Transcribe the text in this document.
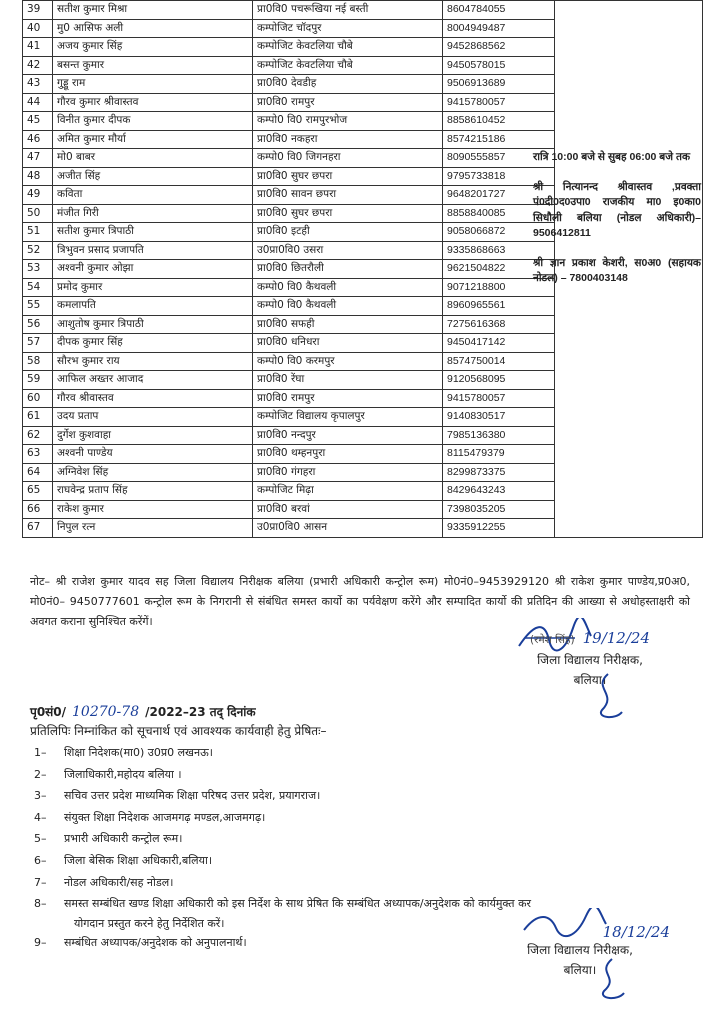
39	सतीश कुमार मिश्रा	प्रा0वि0 पचरूखिया नई बस्ती	8604784055	
40	मु0 आसिफ अली	कम्पोजिट चॉदपुर	8004949487	
41	अजय कुमार सिंह	कम्पोजिट केवटलिया चौबे	9452868562	
42	बसन्त कुमार	कम्पोजिट केवटलिया चौबे	9450578015	
43	गुड्डू राम	प्रा0वि0 देवडीह	9506913689	
44	गौरव कुमार श्रीवास्तव	प्रा0वि0 रामपुर	9415780057	
45	विनीत कुमार दीपक	कम्पो0 वि0 रामपुरभोज	8858610452	
46	अमित कुमार मौर्या	प्रा0वि0 नकहरा	8574215186	
47	मो0 बाबर	कम्पो0 वि0 जिगनहरा	8090555857	
48	अजीत सिंह	प्रा0वि0 सुघर छपरा	9795733818	
49	कविता	प्रा0वि0 सावन छपरा	9648201727	
50	मंजीत गिरी	प्रा0वि0 सुघर छपरा	8858840085	
51	सतीश कुमार त्रिपाठी	प्रा0वि0 इटही	9058066872	
52	त्रिभुवन प्रसाद प्रजापति	उ0प्रा0वि0 उसरा	9335868663	
53	अश्वनी कुमार ओझा	प्रा0वि0 छितरौली	9621504822	
54	प्रमोद कुमार	कम्पो0 वि0 कैथवली	9071218800	
55	कमलापति	कम्पो0 वि0 कैथवली	8960965561	
56	आशुतोष कुमार त्रिपाठी	प्रा0वि0 सफही	7275616368	
57	दीपक कुमार सिंह	प्रा0वि0 धनिधरा	9450417142	
58	सौरभ कुमार राय	कम्पो0 वि0 करमपुर	8574750014	
59	आफिल अख्तर आजाद	प्रा0वि0 रेंघा	9120568095	
60	गौरव श्रीवास्तव	प्रा0वि0 रामपुर	9415780057	
61	उदय प्रताप	कम्पोजिट विद्यालय कृपालपुर	9140830517	
62	दुर्गेश कुशवाहा	प्रा0वि0 नन्दपुर	7985136380	
63	अश्वनी पाण्डेय	प्रा0वि0 थम्हनपुरा	8115479379	
64	अग्निवेश सिंह	प्रा0वि0 गंगहरा	8299873375	
65	राघवेन्द्र प्रताप सिंह	कम्पोजिट मिढ़ा	8429643243	
66	राकेश कुमार	प्रा0वि0 बरवां	7398035205	
67	निपुल रत्न	उ0प्रा0वि0 आसन	9335912255	

रात्रि 10:00 बजे से सुबह 06:00 बजे तक

श्री नित्यानन्द श्रीवास्तव ,प्रवक्ता पं0दी0द0उपा0 राजकीय मा0 इ0का0 सिधौली बलिया (नोडल अधिकारी)– 9506412811

श्री ज्ञान प्रकाश केशरी, स0अ0 (सहायक नोडल) – 7800403148

नोट– श्री राजेश कुमार यादव सह जिला विद्यालय निरीक्षक बलिया (प्रभारी अधिकारी कन्ट्रोल रूम) मो0नं0–9453929120 श्री राकेश कुमार पाण्डेय,प्र0अ0, मो0नं0– 9450777601 कन्ट्रोल रूम के निगरानी से संबंधित समस्त कार्यो का पर्यवेक्षण करेंगे और सम्पादित कार्यो की प्रतिदिन की आख्या से अधोहस्ताक्षरी को अवगत कराना सुनिश्चित करेंगें।

(रमेश सिंह) 19/12/24
जिला विद्यालय निरीक्षक,
बलिया।
पृ0सं0/ 10270-78 /2022–23 तद् दिनांक
प्रतिलिपिः निम्नांकित को सूचनार्थ एवं आवश्यक कार्यवाही हेतु प्रेषितः–
1– शिक्षा निदेशक(मा0) उ0प्र0 लखनऊ।
2– जिलाधिकारी,महोदय बलिया ।
3– सचिव उत्तर प्रदेश माध्यमिक शिक्षा परिषद उत्तर प्रदेश, प्रयागराज।
4– संयुक्त शिक्षा निदेशक आजमगढ़ मण्डल,आजमगढ़।
5– प्रभारी अधिकारी कन्ट्रोल रूम।
6– जिला बेसिक शिक्षा अधिकारी,बलिया।
7– नोडल अधिकारी/सह नोडल।
8– समस्त सम्बंधित खण्ड शिक्षा अधिकारी को इस निर्देश के साथ प्रेषित कि सम्बंधित अध्यापक/अनुदेशक को कार्यमुक्त कर
योगदान प्रस्तुत करने हेतु निर्देशित करें।
9– सम्बंधित अध्यापक/अनुदेशक को अनुपालनार्थ।
18/12/24
जिला विद्यालय निरीक्षक,
बलिया।
